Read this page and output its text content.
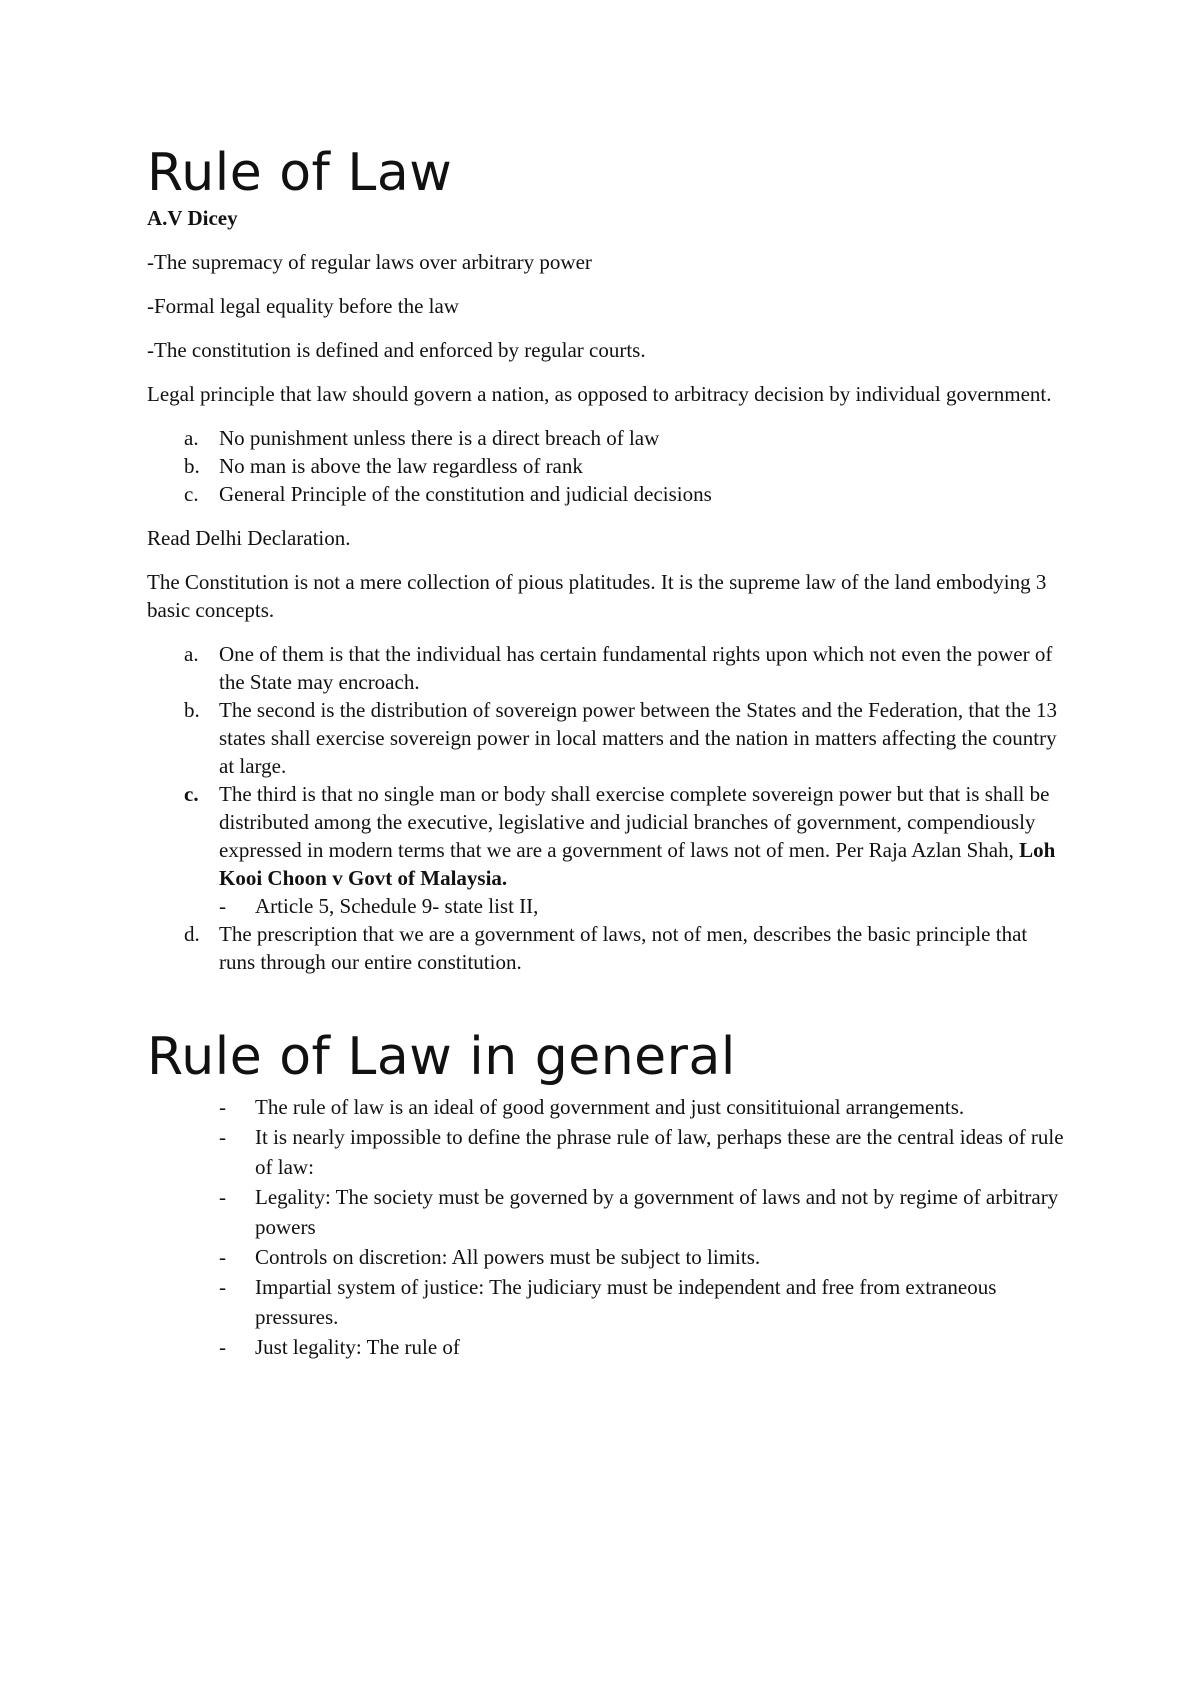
Rule of Law
A.V Dicey

-The supremacy of regular laws over arbitrary power

-Formal legal equality before the law

-The constitution is defined and enforced by regular courts.

Legal principle that law should govern a nation, as opposed to arbitracy decision by individual government.

a. No punishment unless there is a direct breach of law
b. No man is above the law regardless of rank
c. General Principle of the constitution and judicial decisions

Read Delhi Declaration.

The Constitution is not a mere collection of pious platitudes. It is the supreme law of the land embodying 3 basic concepts.

a. One of them is that the individual has certain fundamental rights upon which not even the power of the State may encroach.
b. The second is the distribution of sovereign power between the States and the Federation, that the 13 states shall exercise sovereign power in local matters and the nation in matters affecting the country at large.
c. The third is that no single man or body shall exercise complete sovereign power but that is shall be distributed among the executive, legislative and judicial branches of government, compendiously expressed in modern terms that we are a government of laws not of men. Per Raja Azlan Shah, Loh Kooi Choon v Govt of Malaysia.
- Article 5, Schedule 9- state list II,
d. The prescription that we are a government of laws, not of men, describes the basic principle that runs through our entire constitution.
Rule of Law in general
- The rule of law is an ideal of good government and just consitituional arrangements.
- It is nearly impossible to define the phrase rule of law, perhaps these are the central ideas of rule of law:
- Legality: The society must be governed by a government of laws and not by regime of arbitrary powers
- Controls on discretion: All powers must be subject to limits.
- Impartial system of justice: The judiciary must be independent and free from extraneous pressures.
- Just legality: The rule of
